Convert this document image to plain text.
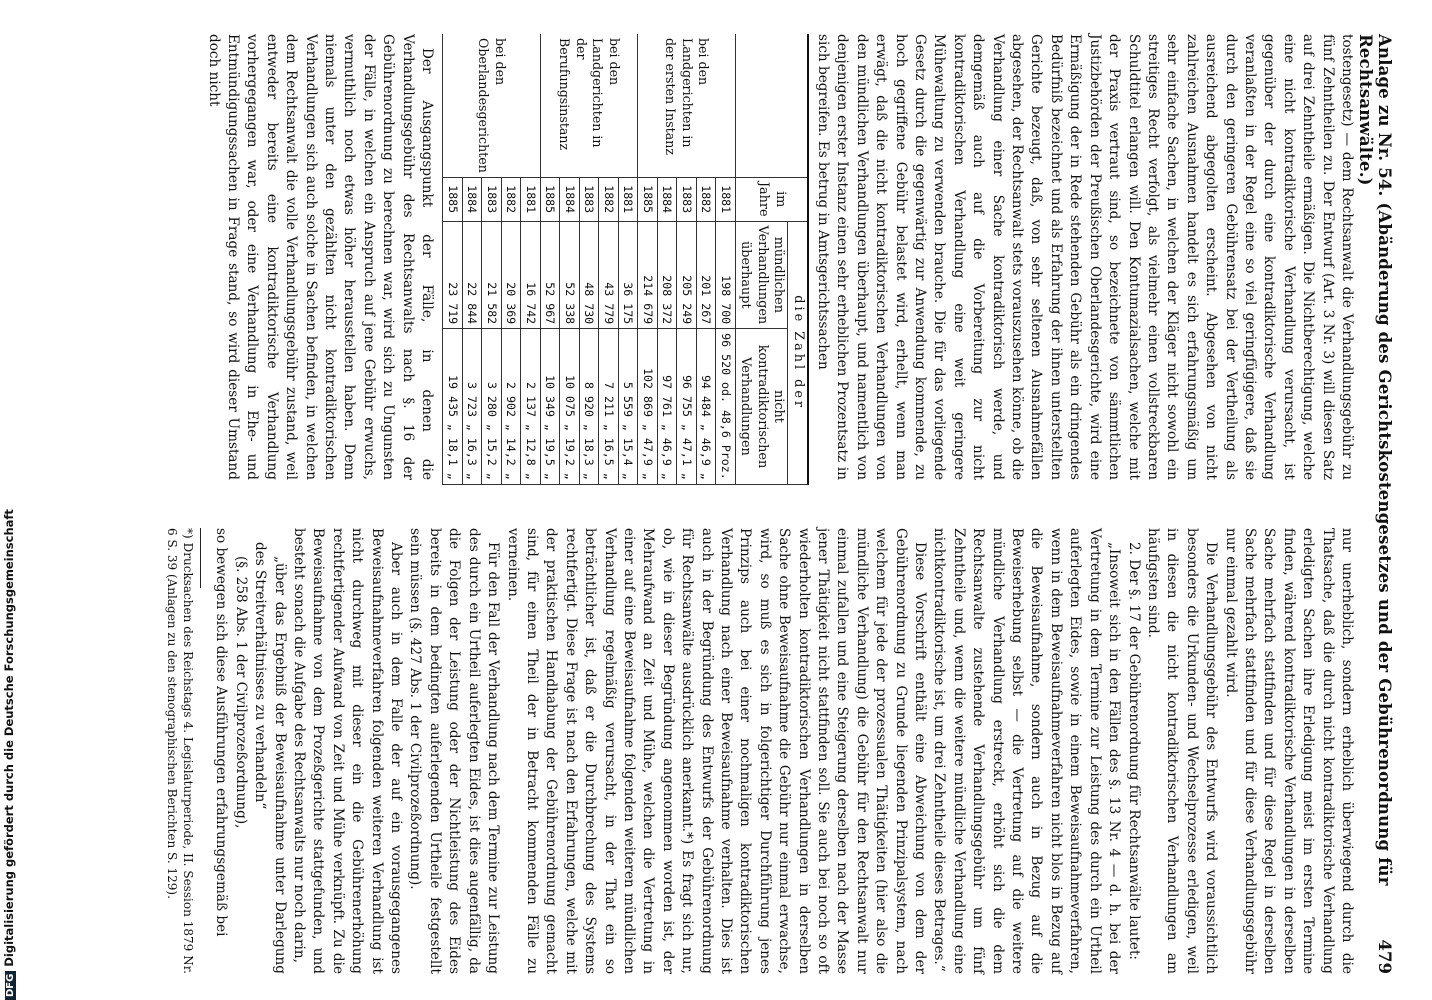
DFGDigitalisierung gefördert durch die Deutsche Forschungsgemeinschaft	Anlage zu Nr. 54. (Abänderung des Gerichtskostengesetzes und der Gebührenordnung für Rechtsanwälte.)
479

tostengesetz) — dem Rechtsanwalt die Verhandlungsgebühr zu fünf Zehntheilen zu. Der Entwurf (Art. 3 Nr. 3) will diesen Satz auf drei Zehntheile ermäßigen. Die Nichtberechtigung, welche eine nicht kontradiktorische Verhandlung verursacht, ist gegenüber der durch eine kontradiktorische Verhandlung veranlaßten in der Regel eine so viel geringfügigere, daß sie durch den geringeren Gebührensatz bei der Vertheilung als ausreichend abgegolten erscheint. Abgesehen von nicht zahlreichen Ausnahmen handelt es sich erfahrungsmäßig um sehr einfache Sachen, in welchen der Kläger nicht sowohl ein streitiges Recht verfolgt, als vielmehr einen vollstreckbaren Schuldtitel erlangen will. Den Kontumazialsachen, welche mit der Praxis vertraut sind, so bezeichnete von sämmtlichen Justizbehörden der Preußischen Oberlandesgerichte, wird eine Ermäßigung der in Rede stehenden Gebühr als ein dringendes Bedürfniß bezeichnet und als Erfahrung der ihnen unterstellten Gerichte bezeugt, daß, von sehr seltenen Ausnahmefällen abgesehen, der Rechtsanwalt stets vorauszusehen könne, ob die Verhandlung einer Sache kontradiktorisch werde, und demgemäß auch auf die Vorbereitung zur nicht kontradiktorischen Verhandlung eine weit geringere Mühewaltung zu verwenden brauche. Die für das vorliegende Gesetz durch die gegenwärtig zur Anwendung kommende, zu hoch gegriffene Gebühr belastet wird, erhellt, wenn man erwägt, daß die nicht kontradiktorischen Verhandlungen von den mündlichen Verhandlungen überhaupt, und namentlich von denjenigen erster Instanz einen sehr erheblichen Prozentsatz in sich begreifen. Es betrug in Amtsgerichtssachen

	im Jahre	die Zahl der	
		mündlichen Verhandlungen überhaupt	nicht kontradiktorischen Verhandlungen
bei den Landgerichten in der ersten Instanz	1881	198 700	96 520 od. 48,6 Proz.
	1882	201 267	94 484 „ 46,9 „
	1883	205 249	96 755 „ 47,1 „
	1884	208 372	97 761 „ 46,9 „
	1885	214 679	102 869 „ 47,9 „
bei den Landgerichten in der Berufungsinstanz	1881	36 175	5 559 „ 15,4 „
	1882	43 779	7 211 „ 16,5 „
	1883	48 730	8 920 „ 18,3 „
	1884	52 338	10 075 „ 19,2 „
	1885	52 967	10 349 „ 19,5 „
bei den Oberlandesgerichten	1881	16 742	2 137 „ 12,8 „
	1882	20 369	2 902 „ 14,2 „
	1883	21 582	3 280 „ 15,2 „
	1884	22 844	3 723 „ 16,3 „
	1885	23 719	19 435 „ 18,1 „

Der Ausgangspunkt der Fälle, in denen die Verhandlungsgebühr des Rechtsanwalts nach §. 16 der Gebührenordnung zu berechnen war, wird sich zu Ungunsten der Fälle, in welchen ein Anspruch auf jene Gebühr erwuchs, vermuthlich noch etwas höher herausstellen haben. Denn niemals unter den gezählten nicht kontradiktorischen Verhandlungen sich auch solche in Sachen befinden, in welchen dem Rechtsanwalt die volle Verhandlungsgebühr zustand, weil entweder bereits eine kontradiktorische Verhandlung vorhergegangen war, oder eine Verhandlung in Ehe- und Entmündigungssachen in Frage stand, so wird dieser Umstand doch nicht

nur unerheblich, sondern erheblich überwiegend durch die Thatsache, daß die durch nicht kontradiktorische Verhandlung erledigten Sachen ihre Erledigung meist im ersten Termine finden, während kontradiktorische Verhandlungen in derselben Sache mehrfach stattfinden und für diese Regel in derselben Sache mehrfach stattfinden und für diese Verhandlungsgebühr nur einmal gezahlt wird.

Die Verhandlungsgebühr des Entwurfs wird voraussichtlich besonders die Urkunden- und Wechselprozesse erledigen, weil in diesen die nicht kontradiktorischen Verhandlungen am häufigsten sind.

2. Der §. 17 der Gebührenordnung für Rechtsanwälte lautet:

„Insoweit sich in den Fällen des §. 13 Nr. 4 — d. h. bei der Vertretung in dem Termine zur Leistung des durch ein Urtheil auferlegten Eides, sowie in einem Beweisaufnahmeverfahren, wenn in dem Beweisaufnahmeverfahren nicht blos in Bezug auf die Beweisaufnahme, sondern auch in Bezug auf die Beweiserhebung selbst — die Vertretung auf die weitere mündliche Verhandlung erstreckt, erhöht sich die dem Rechtsanwalte zustehende Verhandlungsgebühr um fünf Zehntheile und, wenn die weitere mündliche Verhandlung eine nichtkontradiktorische ist, um drei Zehntheile dieses Betrages.“

Diese Vorschrift enthält eine Abweichung von dem der Gebührenordnung zu Grunde liegenden Prinzipalsystem, nach welchem für jede der prozessualen Thätigkeiten (hier also die mündliche Verhandlung) die Gebühr für den Rechtsanwalt nur einmal zufallen und eine Steigerung derselben nach der Masse jener Thätigkeit nicht stattfinden soll. Sie auch bei noch so oft wiederholten kontradiktorischen Verhandlungen in derselben Sache ohne Beweisaufnahme die Gebühr nur einmal erwachse, wird, so muß es sich in folgerichtiger Durchführung jenes Prinzips auch bei einer nochmaligen kontradiktorischen Verhandlung nach einer Beweisaufnahme verhalten. Dies ist auch in der Begründung des Entwurfs der Gebührenordnung für Rechtsanwälte ausdrücklich anerkannt.*) Es fragt sich nur, ob, wie in dieser Begründung angenommen worden ist, der Mehraufwand an Zeit und Mühe, welchen die Vertretung in einer auf eine Beweisaufnahme folgenden weiteren mündlichen Verhandlung regelmäßig verursacht, in der That ein so beträchtlicher ist, daß er die Durchbrechung des Systems rechtfertigt. Diese Frage ist nach den Erfahrungen, welche mit der praktischen Handhabung der Gebührenordnung gemacht sind, für einen Theil der in Betracht kommenden Fälle zu verneinen.

Für den Fall der Verhandlung nach dem Termine zur Leistung des durch ein Urtheil auferlegten Eides, ist dies augenfällig, da die Folgen der Leistung oder der Nichtleistung des Eides bereits in dem bedingten auferlegenden Urtheile festgestellt sein müssen (§. 427 Abs. 1 der Civilprozeßordnung).

Aber auch in dem Falle der auf ein vorausgegangenes Beweisaufnahmeverfahren folgenden weiteren Verhandlung ist nicht durchweg mit dieser ein die Gebührenerhöhung rechtfertigender Aufwand von Zeit und Mühe verknüpft. Zu die Beweisaufnahme von dem Prozeßgerichte stattgefunden, und besteht sonach die Aufgabe des Rechtsanwalts nur noch darin,

„über das Ergebniß der Beweisaufnahme unter Darlegung des Streitverhältnisses zu verhandeln“

(§. 258 Abs. 1 der Civilprozeßordnung),

so bewegen sich diese Ausführungen erfahrungsgemäß bei

*) Drucksachen des Reichstags 4. Legislaturperiode, II. Session 1879 Nr. 6 S. 39 (Anlagen zu den stenographischen Berichten S. 129).
